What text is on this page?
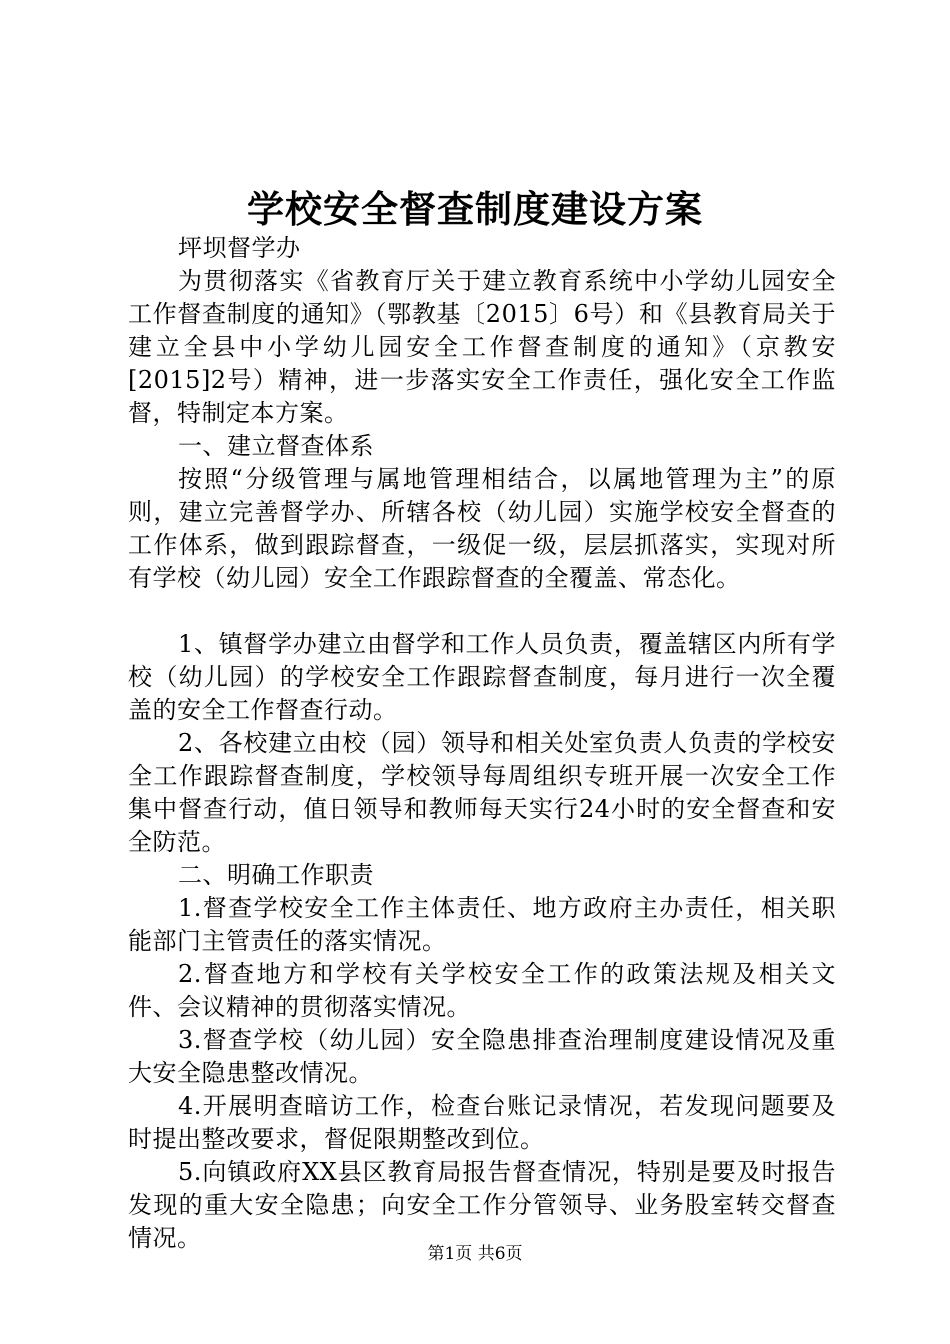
学校安全督查制度建设方案

坪坝督学办

为贯彻落实《省教育厅关于建立教育系统中小学幼儿园安全工作督查制度的通知》（鄂教基〔2015〕6号）和《县教育局关于建立全县中小学幼儿园安全工作督查制度的通知》（京教安[2015]2号）精神，进一步落实安全工作责任，强化安全工作监督，特制定本方案。

一、建立督查体系

按照“分级管理与属地管理相结合，以属地管理为主”的原则，建立完善督学办、所辖各校（幼儿园）实施学校安全督查的工作体系，做到跟踪督查，一级促一级，层层抓落实，实现对所有学校（幼儿园）安全工作跟踪督查的全覆盖、常态化。

1、镇督学办建立由督学和工作人员负责，覆盖辖区内所有学校（幼儿园）的学校安全工作跟踪督查制度，每月进行一次全覆盖的安全工作督查行动。

2、各校建立由校（园）领导和相关处室负责人负责的学校安全工作跟踪督查制度，学校领导每周组织专班开展一次安全工作集中督查行动，值日领导和教师每天实行24小时的安全督查和安全防范。

二、明确工作职责

1.督查学校安全工作主体责任、地方政府主办责任，相关职能部门主管责任的落实情况。

2.督查地方和学校有关学校安全工作的政策法规及相关文件、会议精神的贯彻落实情况。

3.督查学校（幼儿园）安全隐患排查治理制度建设情况及重大安全隐患整改情况。

4.开展明查暗访工作，检查台账记录情况，若发现问题要及时提出整改要求，督促限期整改到位。

5.向镇政府XX县区教育局报告督查情况，特别是要及时报告发现的重大安全隐患；向安全工作分管领导、业务股室转交督查情况。

第1页 共6页
